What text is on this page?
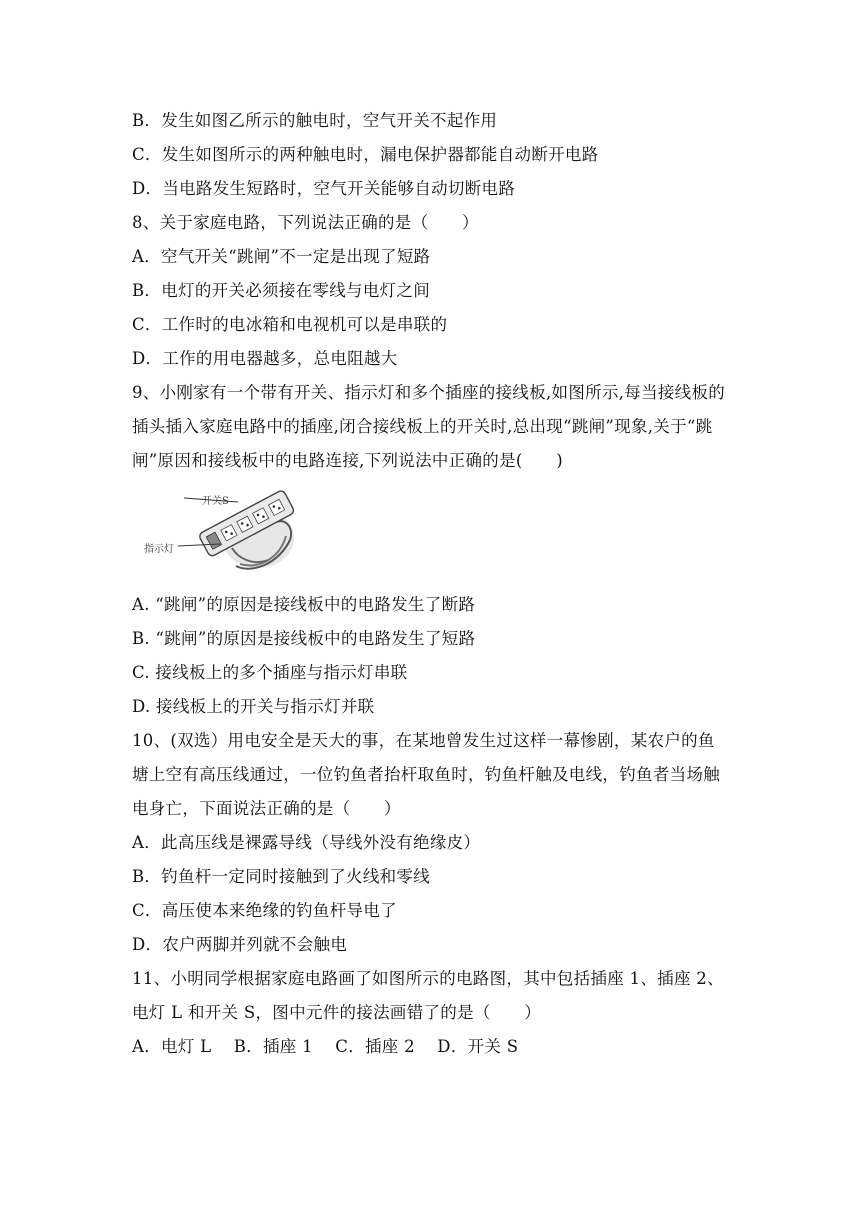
B．发生如图乙所示的触电时，空气开关不起作用
C．发生如图所示的两种触电时，漏电保护器都能自动断开电路
D．当电路发生短路时，空气开关能够自动切断电路
8、关于家庭电路，下列说法正确的是（　　）
A．空气开关“跳闸”不一定是出现了短路
B．电灯的开关必须接在零线与电灯之间
C．工作时的电冰箱和电视机可以是串联的
D．工作的用电器越多，总电阻越大
9、小刚家有一个带有开关、指示灯和多个插座的接线板,如图所示,每当接线板的
插头插入家庭电路中的插座,闭合接线板上的开关时,总出现“跳闸”现象,关于“跳
闸”原因和接线板中的电路连接,下列说法中正确的是(　　)
开关S
指示灯
A. “跳闸”的原因是接线板中的电路发生了断路
B. “跳闸”的原因是接线板中的电路发生了短路
C. 接线板上的多个插座与指示灯串联
D. 接线板上的开关与指示灯并联
10、(双选）用电安全是天大的事，在某地曾发生过这样一幕惨剧，某农户的鱼
塘上空有高压线通过，一位钓鱼者抬杆取鱼时，钓鱼杆触及电线，钓鱼者当场触
电身亡，下面说法正确的是（　　）
A．此高压线是裸露导线（导线外没有绝缘皮）
B．钓鱼杆一定同时接触到了火线和零线
C．高压使本来绝缘的钓鱼杆导电了
D．农户两脚并列就不会触电
11、小明同学根据家庭电路画了如图所示的电路图，其中包括插座 1、插座 2、
电灯 L 和开关 S，图中元件的接法画错了的是（　　）
A．电灯 L　 B．插座 1　 C．插座 2　 D．开关 S
